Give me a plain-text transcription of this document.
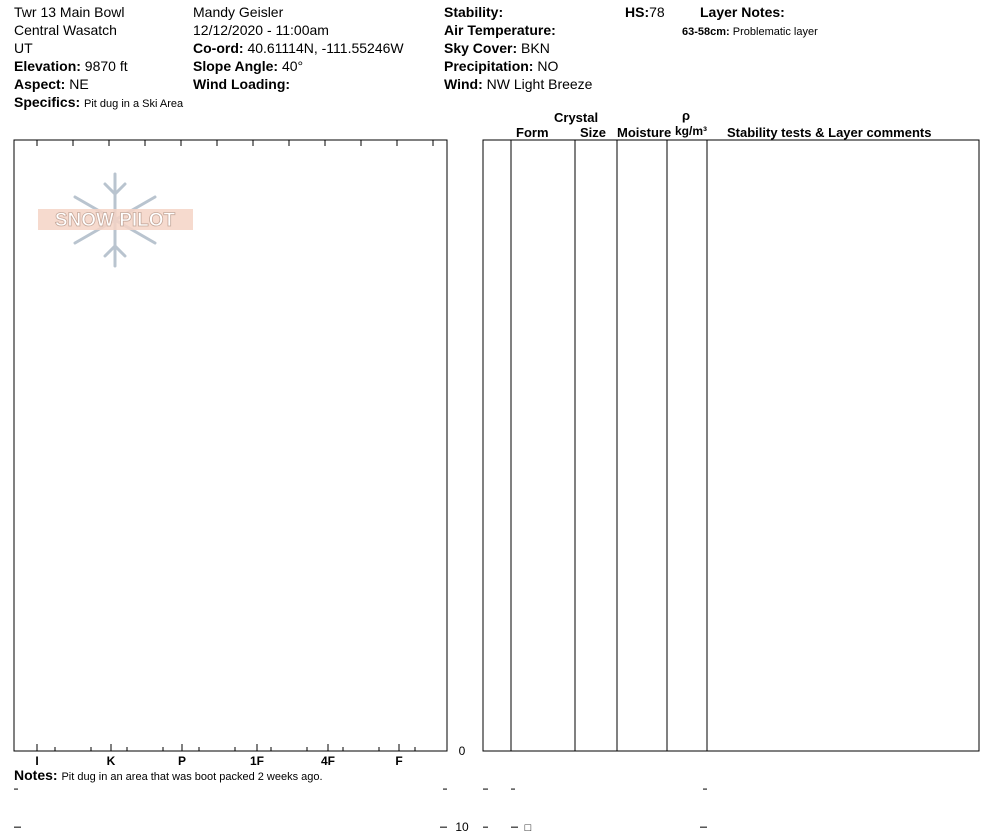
Twr 13 Main Bowl
Central Wasatch
UT
Elevation: 9870 ft
Aspect: NE
Specifics: Pit dug in a Ski Area
Mandy Geisler
12/12/2020 - 11:00am
Co-ord: 40.61114N, -111.55246W
Slope Angle: 40°
Wind Loading:
Stability:
Air Temperature:
Sky Cover: BKN
Precipitation: NO
Wind: NW Light Breeze
HS:78	Layer Notes:
63-58cm: Problematic layer
Crystal
Form Size Moisture
ρ
kg/m³ Stability tests & Layer comments
Notes: Pit dug in an area that was boot packed 2 weeks ago.
SNOW PILOT
I	K	P	1F	4F	F
0
10	□
